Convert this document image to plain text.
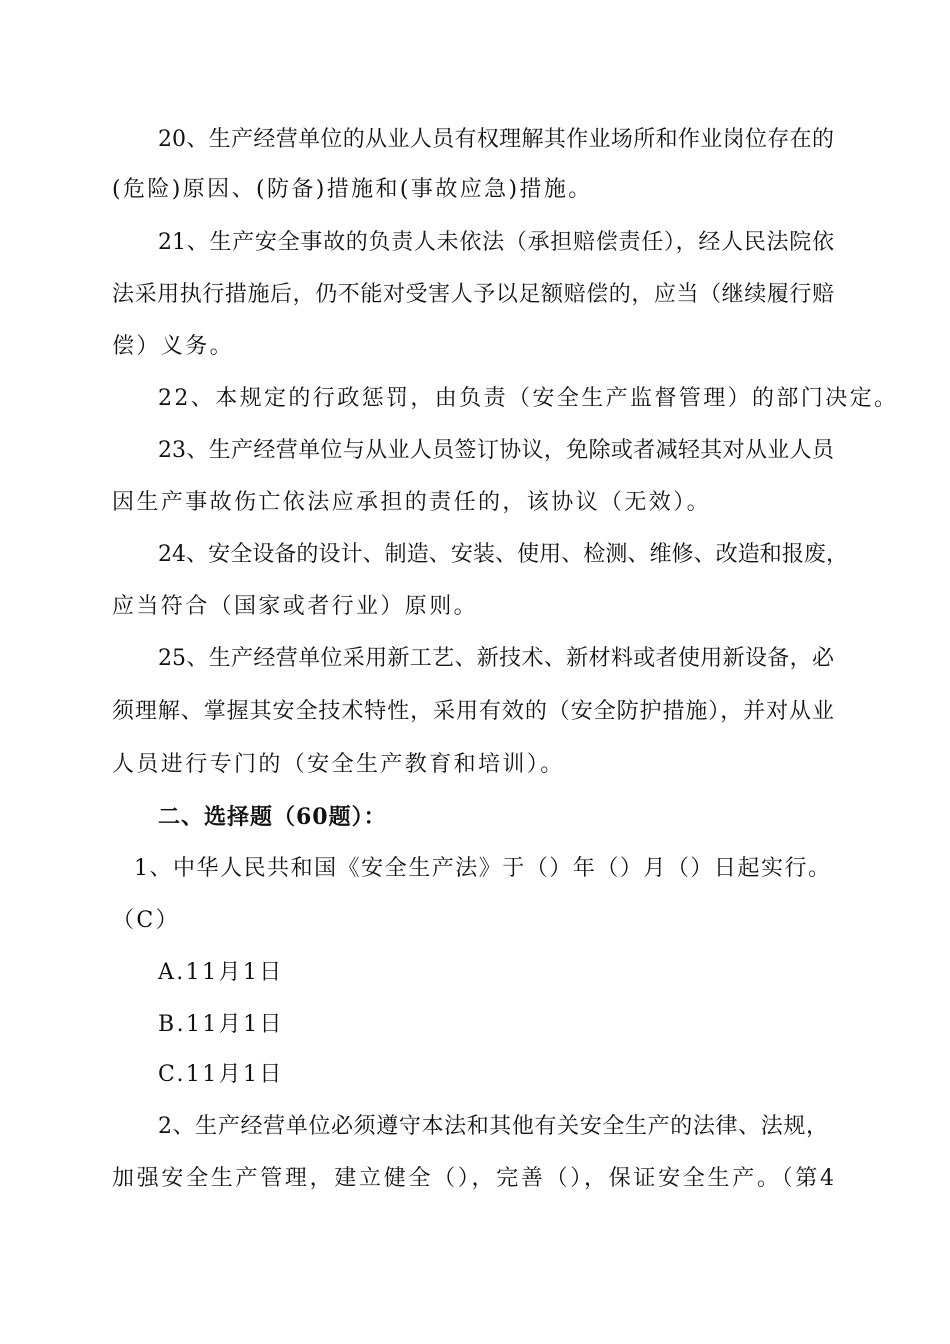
20、生产经营单位的从业人员有权理解其作业场所和作业岗位存在的
(危险)原因、(防备)措施和(事故应急)措施。
21、生产安全事故的负责人未依法（承担赔偿责任），经人民法院依
法采用执行措施后，仍不能对受害人予以足额赔偿的，应当（继续履行赔
偿）义务。
22、本规定的行政惩罚，由负责（安全生产监督管理）的部门决定。
23、生产经营单位与从业人员签订协议，免除或者减轻其对从业人员
因生产事故伤亡依法应承担的责任的，该协议（无效）。
24、安全设备的设计、制造、安装、使用、检测、维修、改造和报废，
应当符合（国家或者行业）原则。
25、生产经营单位采用新工艺、新技术、新材料或者使用新设备，必
须理解、掌握其安全技术特性，采用有效的（安全防护措施），并对从业
人员进行专门的（安全生产教育和培训）。
二、选择题（60题）：
1、中华人民共和国《安全生产法》于（）年（）月（）日起实行。
（C）
A.11月1日
B.11月1日
C.11月1日
2、生产经营单位必须遵守本法和其他有关安全生产的法律、法规，
加强安全生产管理，建立健全（），完善（），保证安全生产。（第4
